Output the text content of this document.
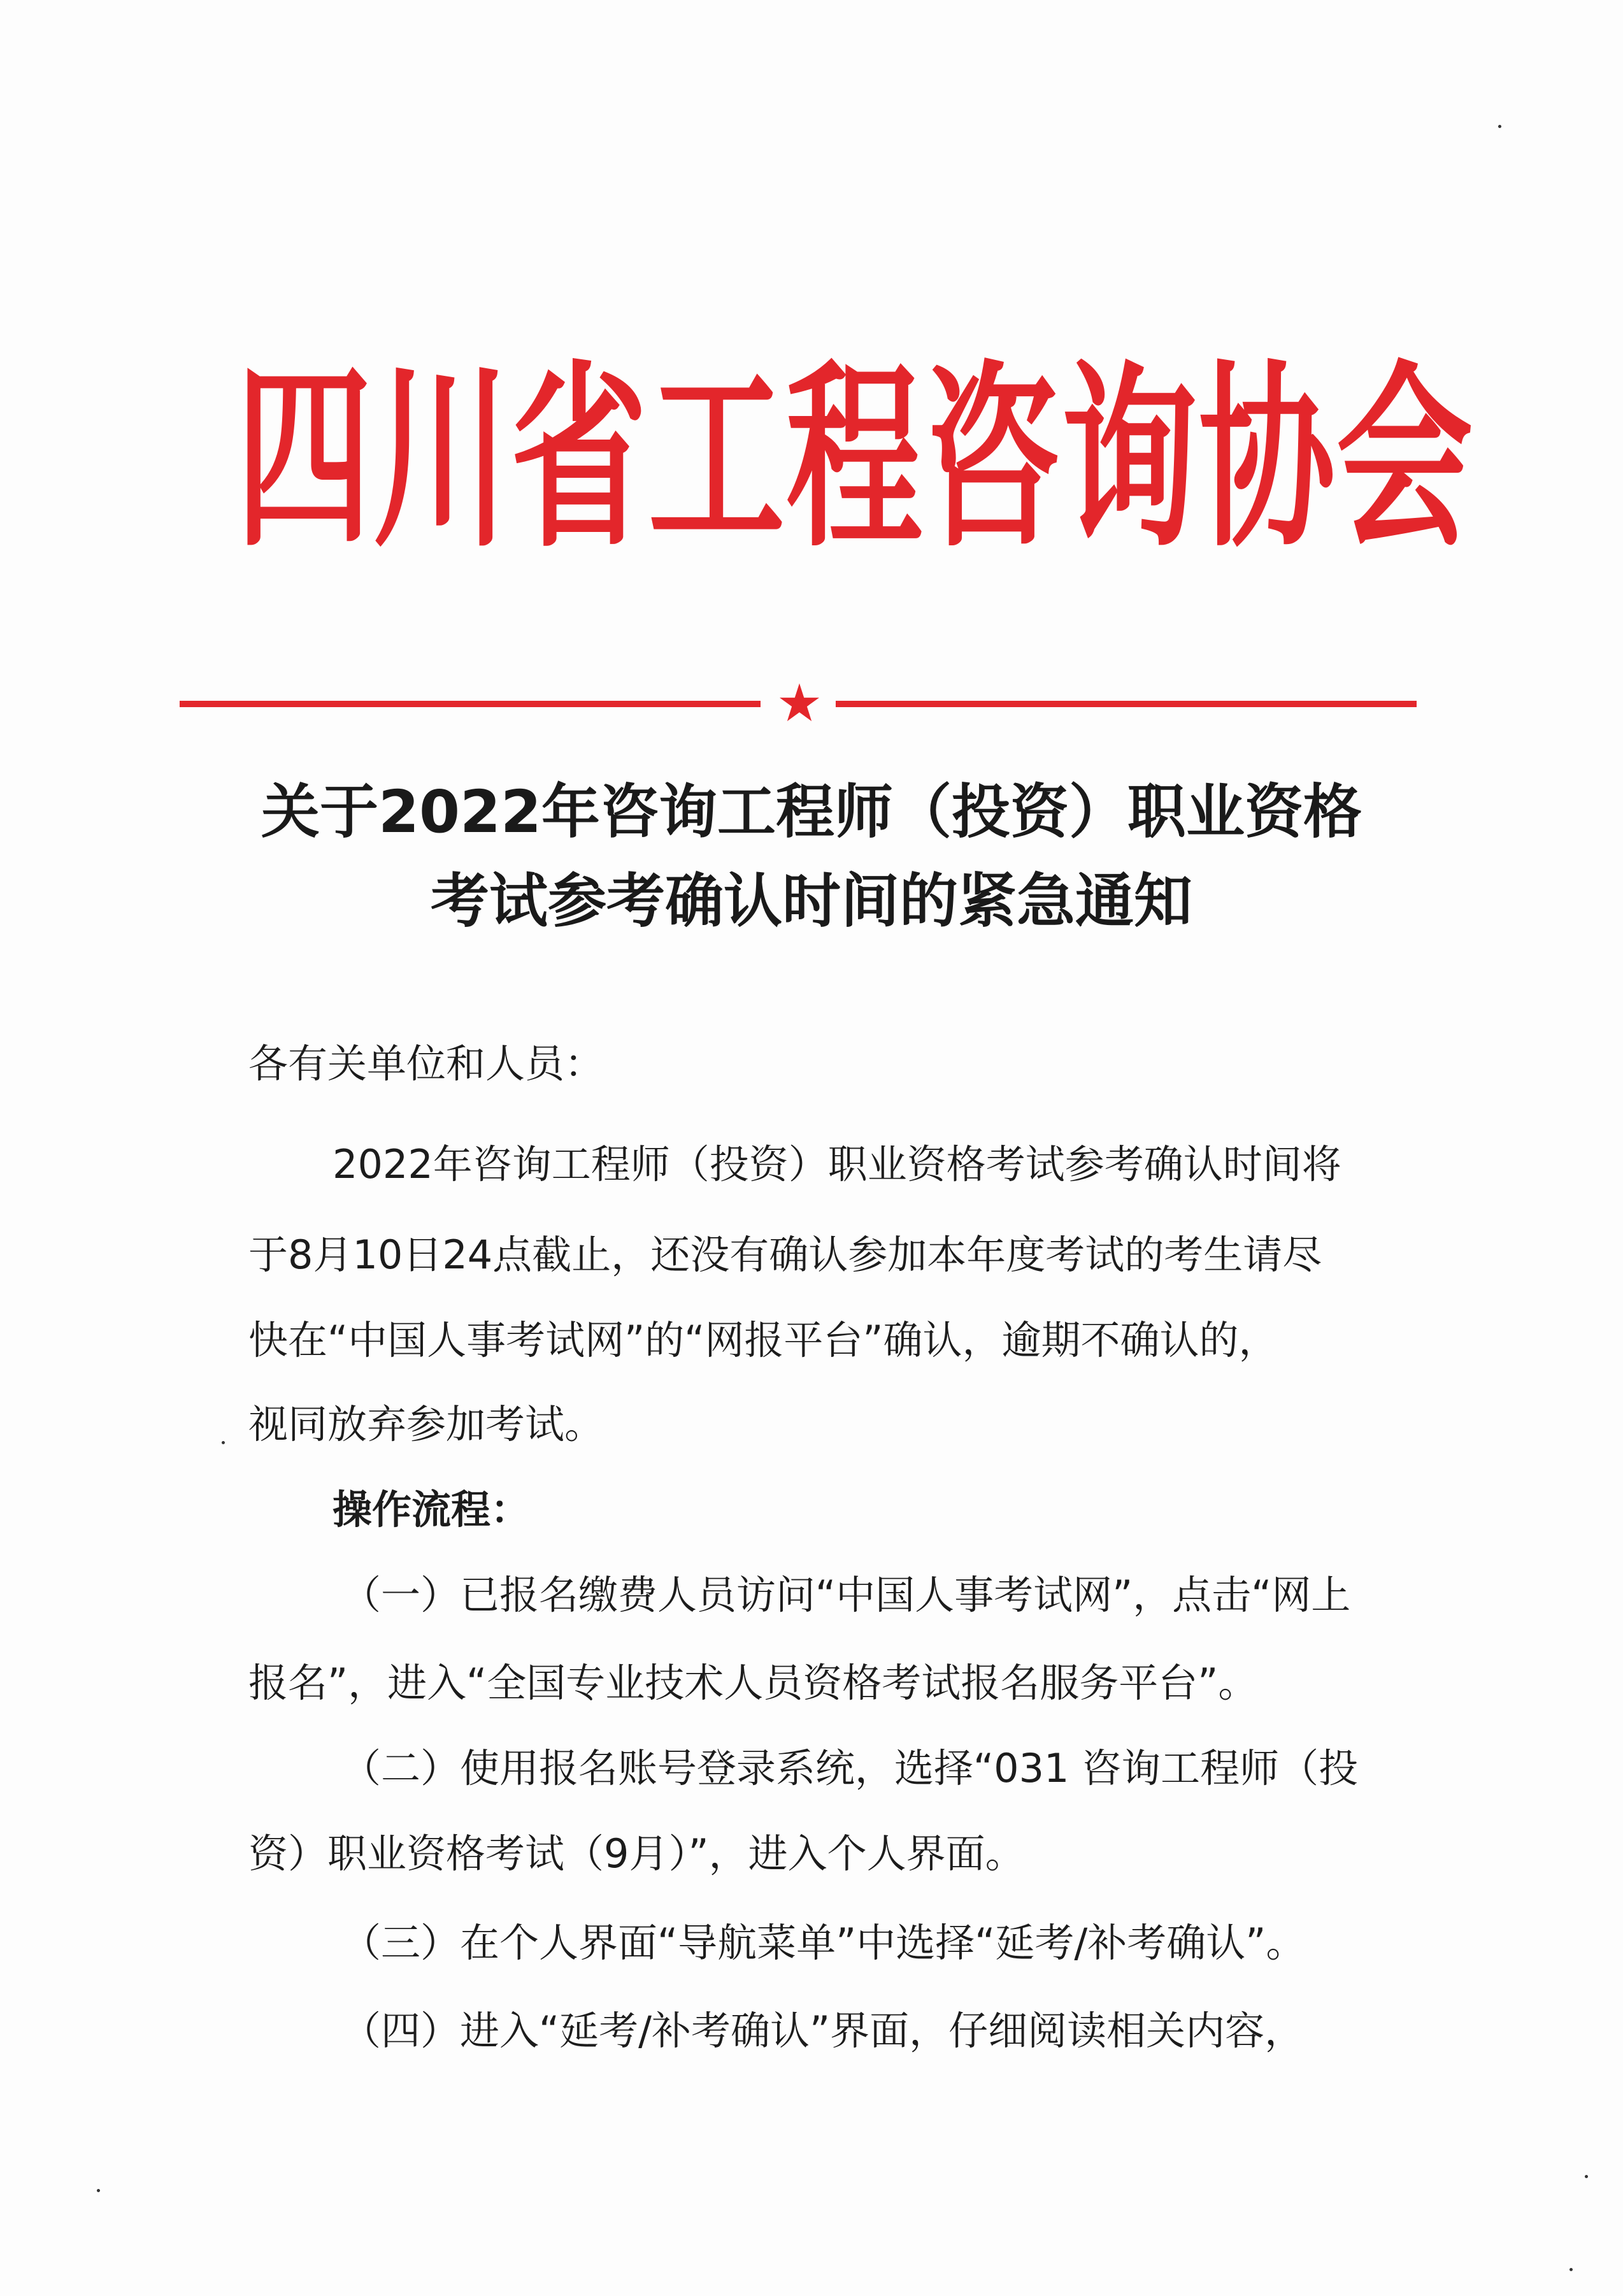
四川省工程咨询协会
关于2022年咨询工程师（投资）职业资格
考试参考确认时间的紧急通知
各有关单位和人员：
2022年咨询工程师（投资）职业资格考试参考确认时间将
于8月10日24点截止，还没有确认参加本年度考试的考生请尽
快在“中国人事考试网”的“网报平台”确认，逾期不确认的，
视同放弃参加考试。
操作流程：
（一）已报名缴费人员访问“中国人事考试网”，点击“网上
报名”，进入“全国专业技术人员资格考试报名服务平台”。
（二）使用报名账号登录系统，选择“031 咨询工程师（投
资）职业资格考试（9月）”，进入个人界面。
（三）在个人界面“导航菜单”中选择“延考/补考确认”。
（四）进入“延考/补考确认”界面，仔细阅读相关内容，
